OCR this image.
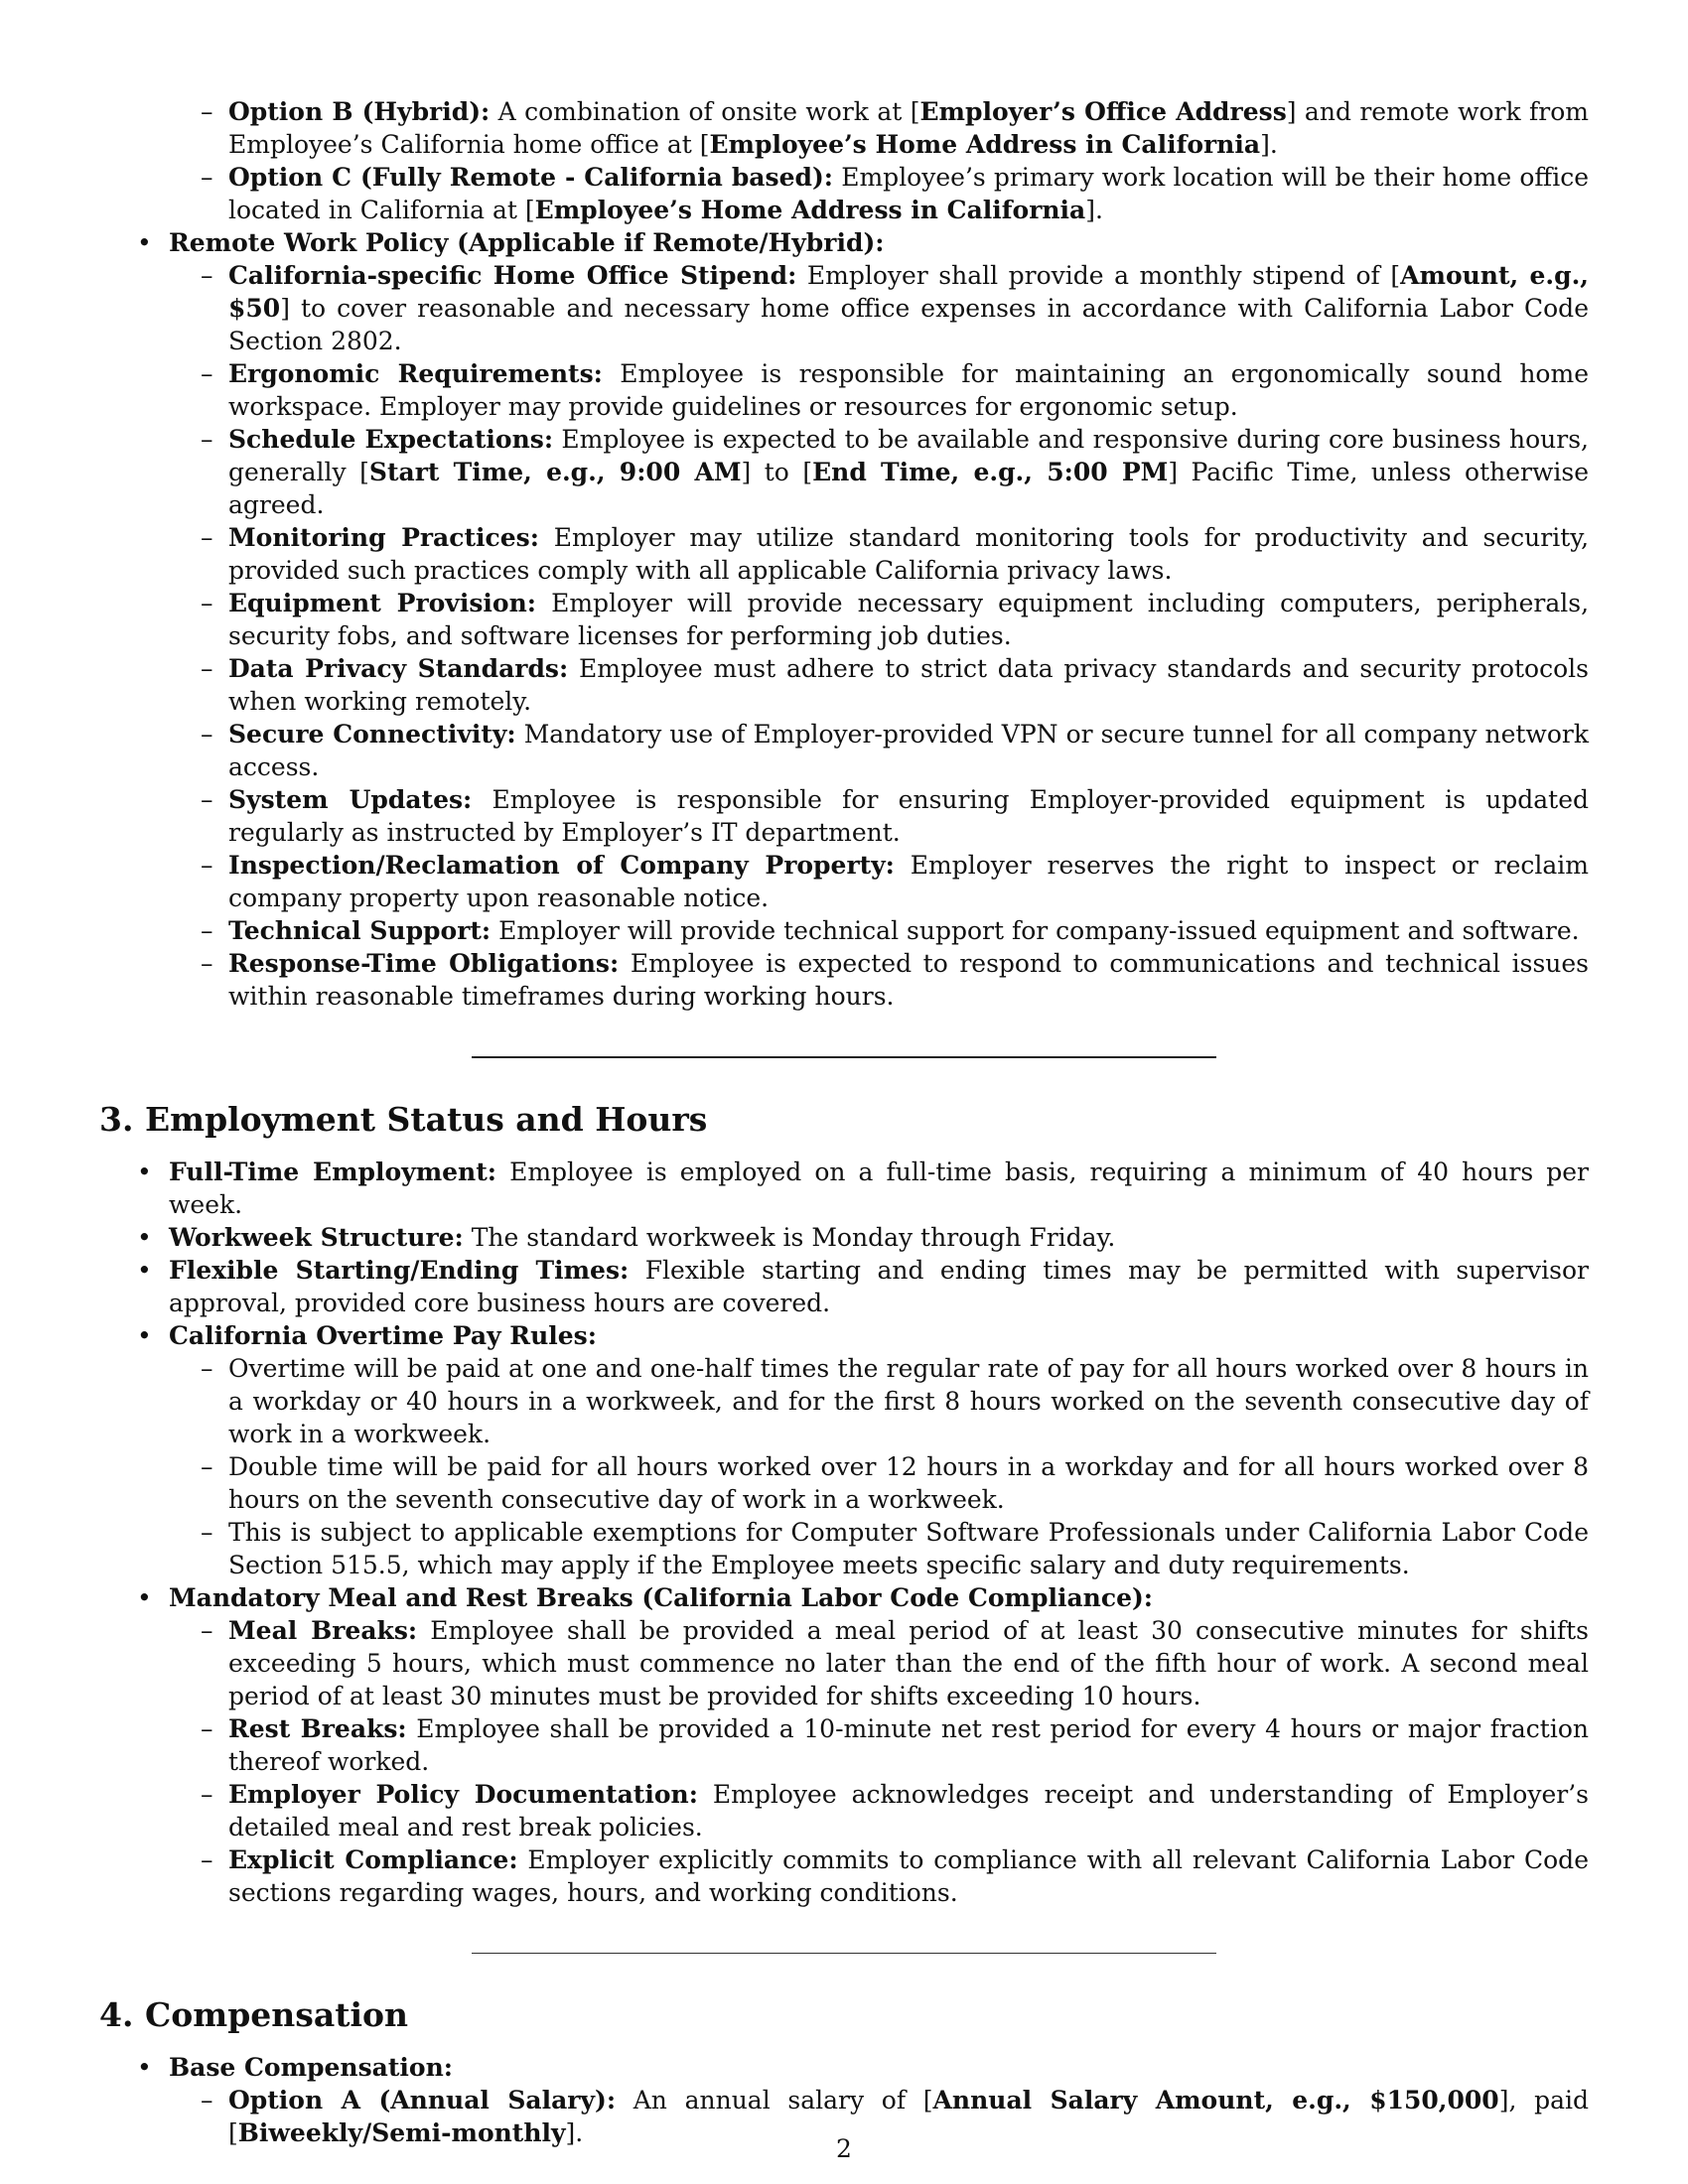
– Option B (Hybrid): A combination of onsite work at [Employer’s Office Address] and remote work from Employee’s California home office at [Employee’s Home Address in California].
– Option C (Fully Remote - California based): Employee’s primary work location will be their home office located in California at [Employee’s Home Address in California].
• Remote Work Policy (Applicable if Remote/Hybrid):
– California-specific Home Office Stipend: Employer shall provide a monthly stipend of [Amount, e.g., $50] to cover reasonable and necessary home office expenses in accordance with California Labor Code Section 2802.
– Ergonomic Requirements: Employee is responsible for maintaining an ergonomically sound home workspace. Employer may provide guidelines or resources for ergonomic setup.
– Schedule Expectations: Employee is expected to be available and responsive during core business hours, generally [Start Time, e.g., 9:00 AM] to [End Time, e.g., 5:00 PM] Pacific Time, unless otherwise agreed.
– Monitoring Practices: Employer may utilize standard monitoring tools for productivity and security, provided such practices comply with all applicable California privacy laws.
– Equipment Provision: Employer will provide necessary equipment including computers, peripherals, security fobs, and software licenses for performing job duties.
– Data Privacy Standards: Employee must adhere to strict data privacy standards and security protocols when working remotely.
– Secure Connectivity: Mandatory use of Employer-provided VPN or secure tunnel for all company network access.
– System Updates: Employee is responsible for ensuring Employer-provided equipment is updated regularly as instructed by Employer’s IT department.
– Inspection/Reclamation of Company Property: Employer reserves the right to inspect or reclaim company property upon reasonable notice.
– Technical Support: Employer will provide technical support for company-issued equipment and software.
– Response-Time Obligations: Employee is expected to respond to communications and technical issues within reasonable timeframes during working hours.
3. Employment Status and Hours
• Full-Time Employment: Employee is employed on a full-time basis, requiring a minimum of 40 hours per week.
• Workweek Structure: The standard workweek is Monday through Friday.
• Flexible Starting/Ending Times: Flexible starting and ending times may be permitted with supervisor approval, provided core business hours are covered.
• California Overtime Pay Rules:
– Overtime will be paid at one and one-half times the regular rate of pay for all hours worked over 8 hours in a workday or 40 hours in a workweek, and for the first 8 hours worked on the seventh consecutive day of work in a workweek.
– Double time will be paid for all hours worked over 12 hours in a workday and for all hours worked over 8 hours on the seventh consecutive day of work in a workweek.
– This is subject to applicable exemptions for Computer Software Professionals under California Labor Code Section 515.5, which may apply if the Employee meets specific salary and duty requirements.
• Mandatory Meal and Rest Breaks (California Labor Code Compliance):
– Meal Breaks: Employee shall be provided a meal period of at least 30 consecutive minutes for shifts exceeding 5 hours, which must commence no later than the end of the fifth hour of work. A second meal period of at least 30 minutes must be provided for shifts exceeding 10 hours.
– Rest Breaks: Employee shall be provided a 10-minute net rest period for every 4 hours or major fraction thereof worked.
– Employer Policy Documentation: Employee acknowledges receipt and understanding of Employer’s detailed meal and rest break policies.
– Explicit Compliance: Employer explicitly commits to compliance with all relevant California Labor Code sections regarding wages, hours, and working conditions.
4. Compensation
• Base Compensation:
– Option A (Annual Salary): An annual salary of [Annual Salary Amount, e.g., $150,000], paid [Biweekly/Semi-monthly].
2
